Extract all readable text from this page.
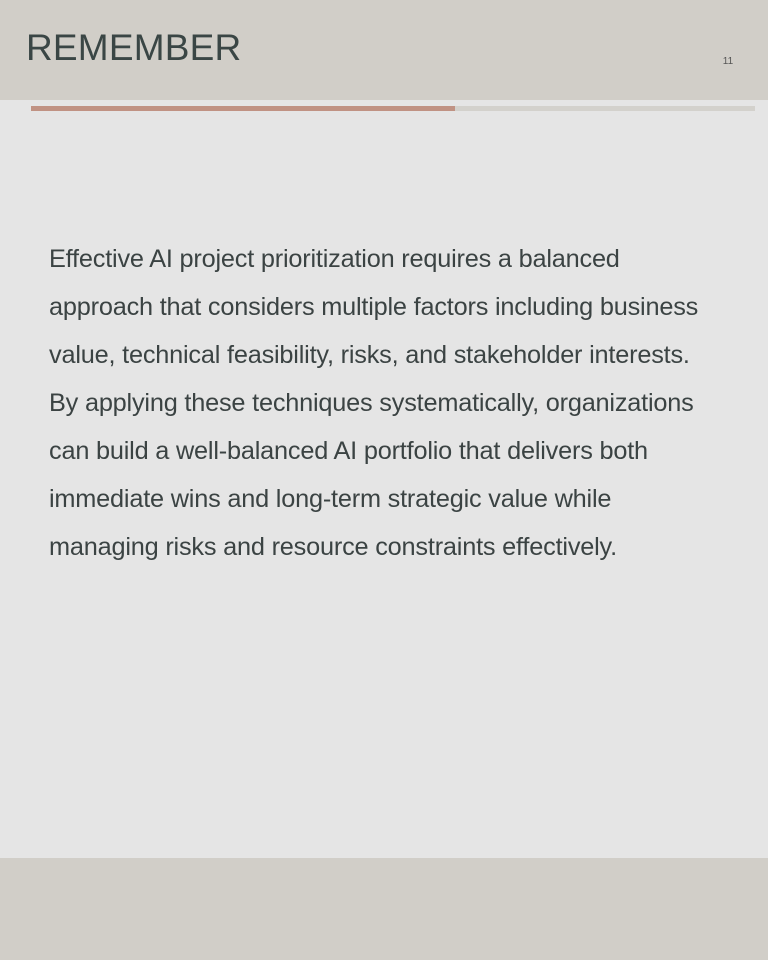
REMEMBER	11

Effective AI project prioritization requires a balanced approach that considers multiple factors including business value, technical feasibility, risks, and stakeholder interests. By applying these techniques systematically, organizations can build a well-balanced AI portfolio that delivers both immediate wins and long-term strategic value while managing risks and resource constraints effectively.
